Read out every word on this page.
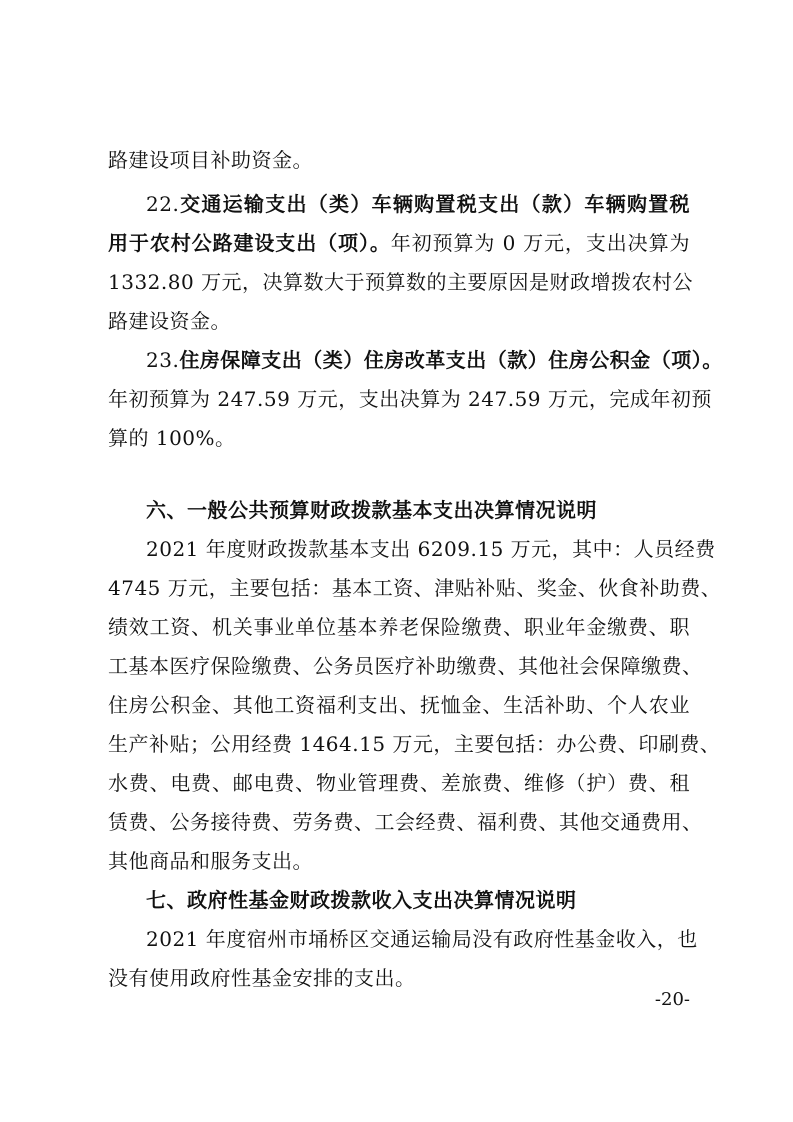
路建设项目补助资金。
22.交通运输支出（类）车辆购置税支出（款）车辆购置税
用于农村公路建设支出（项）。年初预算为 0 万元，支出决算为
1332.80 万元，决算数大于预算数的主要原因是财政增拨农村公
路建设资金。
23.住房保障支出（类）住房改革支出（款）住房公积金（项）。
年初预算为 247.59 万元，支出决算为 247.59 万元，完成年初预
算的 100%。
六、一般公共预算财政拨款基本支出决算情况说明
2021 年度财政拨款基本支出 6209.15 万元，其中：人员经费
4745 万元，主要包括：基本工资、津贴补贴、奖金、伙食补助费、
绩效工资、机关事业单位基本养老保险缴费、职业年金缴费、职
工基本医疗保险缴费、公务员医疗补助缴费、其他社会保障缴费、
住房公积金、其他工资福利支出、抚恤金、生活补助、个人农业
生产补贴；公用经费 1464.15 万元，主要包括：办公费、印刷费、
水费、电费、邮电费、物业管理费、差旅费、维修（护）费、租
赁费、公务接待费、劳务费、工会经费、福利费、其他交通费用、
其他商品和服务支出。
七、政府性基金财政拨款收入支出决算情况说明
2021 年度宿州市埇桥区交通运输局没有政府性基金收入，也
没有使用政府性基金安排的支出。
-20-
